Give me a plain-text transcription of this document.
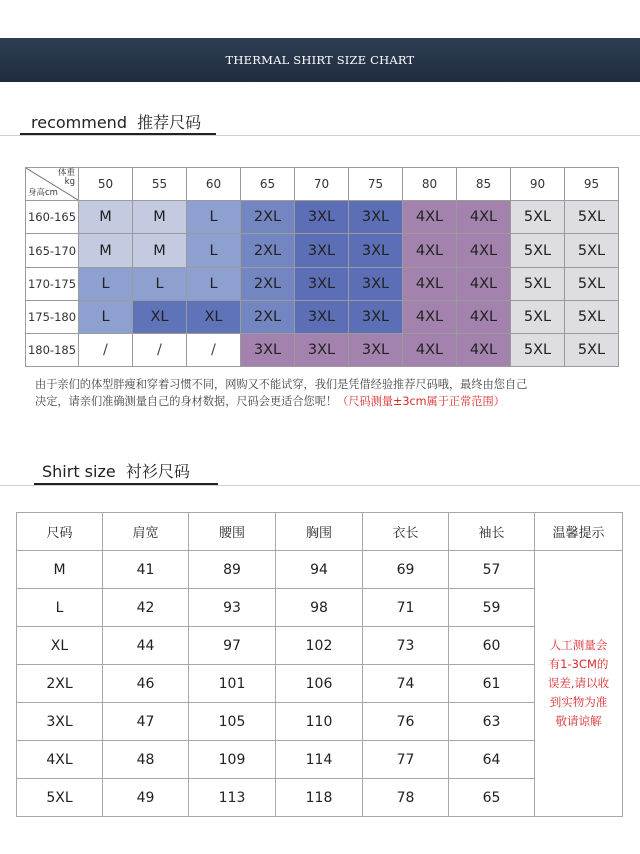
THERMAL SHIRT SIZE CHART
recommend 推荐尺码
体重
kg
身高cm	50	55	60	65	70	75	80	85	90	95
160-165	M	M	L	2XL	3XL	3XL	4XL	4XL	5XL	5XL
165-170	M	M	L	2XL	3XL	3XL	4XL	4XL	5XL	5XL
170-175	L	L	L	2XL	3XL	3XL	4XL	4XL	5XL	5XL
175-180	L	XL	XL	2XL	3XL	3XL	4XL	4XL	5XL	5XL
180-185	/	/	/	3XL	3XL	3XL	4XL	4XL	5XL	5XL
由于亲们的体型胖瘦和穿着习惯不同，网购又不能试穿，我们是凭借经验推荐尺码哦，最终由您自己
决定，请亲们准确测量自己的身材数据，尺码会更适合您呢！（尺码测量±3cm属于正常范围）
Shirt size 衬衫尺码
尺码	肩宽	腰围	胸围	衣长	袖长	温馨提示
M	41	89	94	69	57	人工测量会
有1-3CM的
误差,请以收
到实物为准
敬请谅解

L	42	93	98	71	59	
XL	44	97	102	73	60	
2XL	46	101	106	74	61	
3XL	47	105	110	76	63	
4XL	48	109	114	77	64	
5XL	49	113	118	78	65	
